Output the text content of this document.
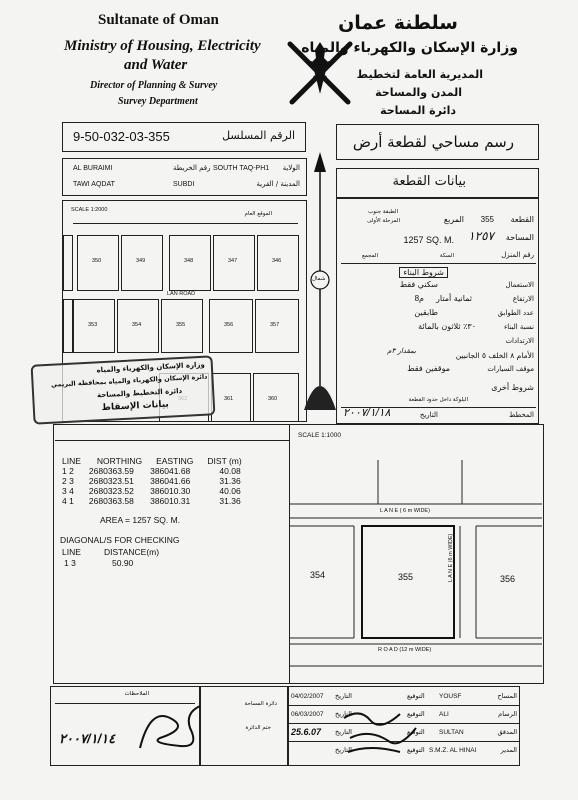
Sultanate of Oman
Ministry of Housing, Electricity
and Water
Director of Planning & Survey
Survey Department
سلطنة عمان
وزارة الإسكان والكهرباء والمياه
المديرية العامة لتخطيط
المدن والمساحة
دائرة المساحة
9-50-032-03-355	الرقم المسلسل	رسم مساحي لقطعة أرض
AL BURAIMI	رقم الخريطة SOUTH TAQ-PH1 الولاية
TAWI AQDAT	SUBDI	المدينة / القرية
شمال
بيانات القطعة
SCALE 1:2000
الموقع العام
350	349	348	347	346
LAN ROAD
353	354	355	356	357
361	360
وزارة الإسكان والكهرباء والمياه
دائرة الإسكان والكهرباء والمياه بمحافظة البريمي
دائرة التخطيط والمساحة
بيانات الإسقاط
القطعة
355
المربع
الطبقة جنوب
المرحلة الأولى
المساحة
1257 SQ. M. ١٢٥٧
رقم المنزل
السكة
المجمع
شروط البناء
الاستعمال
سكني فقط
الارتفاع
8م ثمانية أمتار
عدد الطوابق
طابقين
نسبة البناء
٣٠٪ ثلاثون بالمائة
الارتدادات
الأمام ٨ الخلف ٥ الجانبين
بمقدار ٣م
موقف السيارات
موقفين فقط
شروط أخرى
البلوكة داخل حدود القطعة
المخطط
التاريخ
٢٠٠٧/١/١٨
LINE	NORTHING	EASTING	DIST (m)
1 2	2680363.59	386041.68	40.08
2 3	2680323.51	386041.66	31.36
3 4	2680323.52	386010.30	40.06
4 1	2680363.58	386010.31	31.36
AREA = 1257 SQ. M.
DIAGONAL/S FOR CHECKING
LINE	DISTANCE(m)
1 3	50.90
SCALE 1:1000
L A N E ( 6 m WIDE)
L A N E (6 m WIDE)
R O A D (12 m WIDE)
354	355	356
الملاحظات
٢٠٠٧/١/١٤
دائرة المساحة
ختم الدائرة
04/02/2007 التاريخ	التوقيع YOUSF	المساح
06/03/2007 التاريخ	التوقيع ALI	الرسام
25.6.07 التاريخ	التوقيع SULTAN	المدقق
التاريخ	التوقيع S.M.Z. AL HINAI	المدير
